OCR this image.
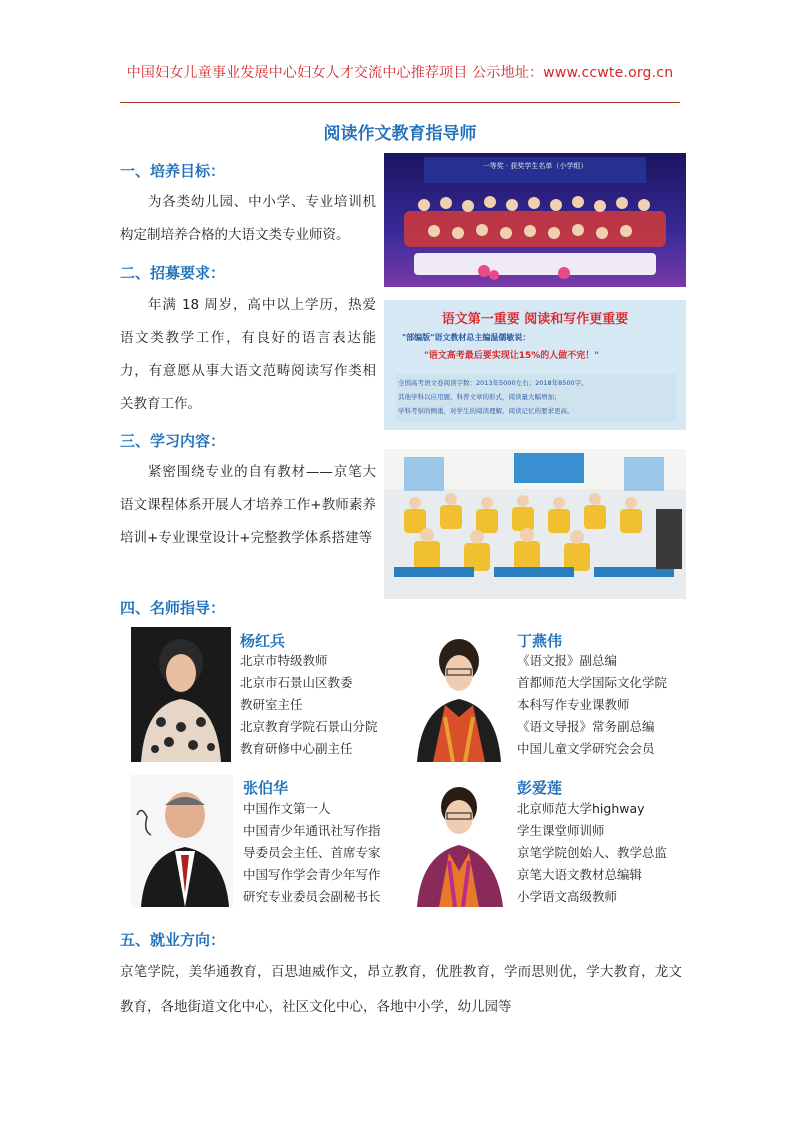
中国妇女儿童事业发展中心妇女人才交流中心推荐项目 公示地址：www.ccwte.org.cn
阅读作文教育指导师
一、培养目标：

为各类幼儿园、中小学、专业培训机构定制培养合格的大语文类专业师资。

二、招募要求：

年满 18 周岁，高中以上学历，热爱语文类教学工作，有良好的语言表达能力，有意愿从事大语文范畴阅读写作类相关教育工作。

三、学习内容：

紧密围绕专业的自有教材——京笔大语文课程体系开展人才培养工作+教师素养培训+专业课堂设计+完整教学体系搭建等

一等奖 · 获奖学生名单（小学组）
语文第一重要 阅读和写作更重要
"部编版"语文教材总主编温儒敏说：
"语文高考最后要实现让15%的人做不完！"
全国高考语文卷阅读字数：2013年5000左右；2018年8500字。
其他学科以应用题、科普文章的形式，阅读量大幅增加；
学科考察的侧重，对学生的阅读理解、阅读记忆的要求更高。
四、名师指导：
杨红兵
北京市特级教师
北京市石景山区教委
教研室主任
北京教育学院石景山分院
教育研修中心副主任
丁燕伟
《语文报》副总编
首都师范大学国际文化学院
本科写作专业课教师
《语文导报》常务副总编
中国儿童文学研究会会员
张伯华
中国作文第一人
中国青少年通讯社写作指
导委员会主任、首席专家
中国写作学会青少年写作
研究专业委员会副秘书长
彭爱莲
北京师范大学highway
学生课堂师训师
京笔学院创始人、教学总监
京笔大语文教材总编辑
小学语文高级教师
五、就业方向：

京笔学院，美华通教育，百思迪威作文，昂立教育，优胜教育，学而思则优，学大教育，龙文教育，各地街道文化中心，社区文化中心，各地中小学，幼儿园等
